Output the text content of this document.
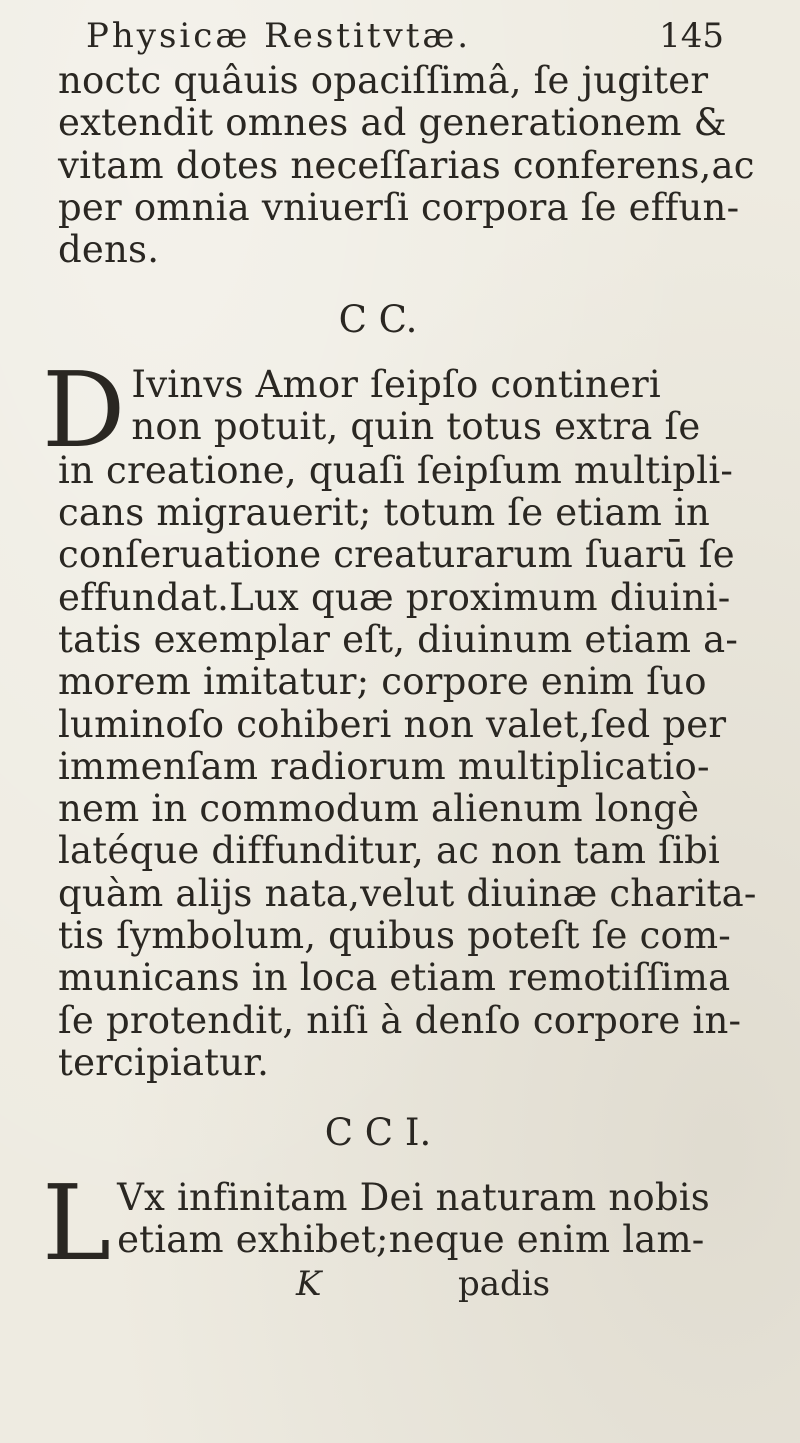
Physicæ Restitvtæ.	145

noctc quâuis opaciſſimâ, ſe jugiter

extendit omnes ad generationem &

vitam dotes neceſſarias conferens,ac

per omnia vniuerſi corpora ſe effun-

dens.

C C.
D Ivinvs Amor ſeipſo contineri

non potuit, quin totus extra ſe

in creatione, quaſi ſeipſum multipli-

cans migrauerit; totum ſe etiam in

conſeruatione creaturarum ſuarū ſe

effundat.Lux quæ proximum diuini-

tatis exemplar eſt, diuinum etiam a-

morem imitatur; corpore enim ſuo

luminoſo cohiberi non valet,ſed per

immenſam radiorum multiplicatio-

nem in commodum alienum longè

latéque diffunditur, ac non tam ſibi

quàm alijs nata,velut diuinæ charita-

tis ſymbolum, quibus poteſt ſe com-

municans in loca etiam remotiſſima

ſe protendit, niſi à denſo corpore in-

tercipiatur.

C C I.
L Vx infinitam Dei naturam nobis

etiam exhibet;neque enim lam-

K	padis
